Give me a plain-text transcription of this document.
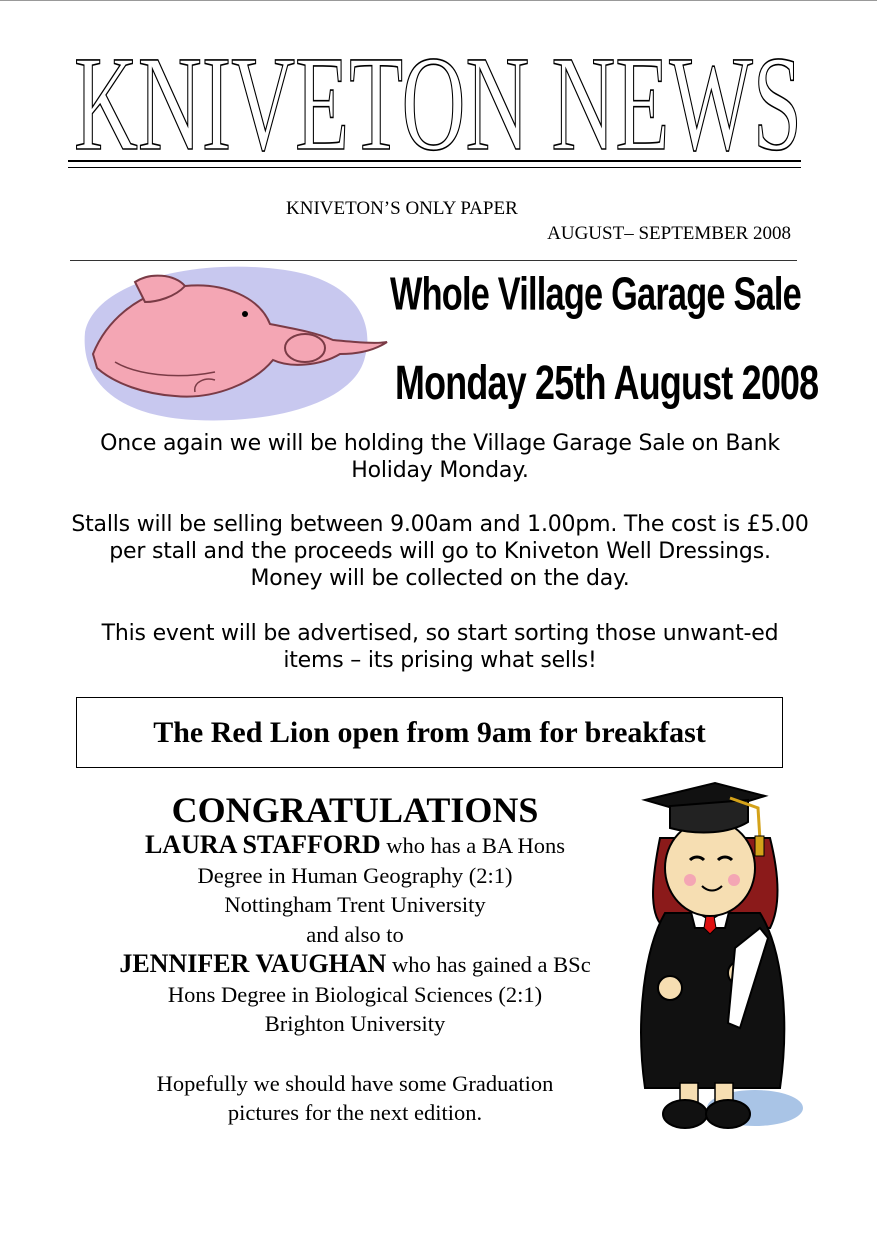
KNIVETON NEWS
KNIVETON’S ONLY PAPER
AUGUST– SEPTEMBER 2008
Whole Village Garage Sale
Monday 25th August 2008
Once again we will be holding the Village Garage Sale on Bank Holiday Monday.
Stalls will be selling between 9.00am and 1.00pm. The cost is £5.00 per stall and the proceeds will go to Kniveton Well Dressings. Money will be collected on the day.
This event will be advertised, so start sorting those unwant-ed items – its prising what sells!
The Red Lion open from 9am for breakfast
CONGRATULATIONS
LAURA STAFFORD who has a BA Hons
Degree in Human Geography (2:1)
Nottingham Trent University
and also to
JENNIFER VAUGHAN who has gained a BSc
Hons Degree in Biological Sciences (2:1)
Brighton University
Hopefully we should have some Graduation
pictures for the next edition.
